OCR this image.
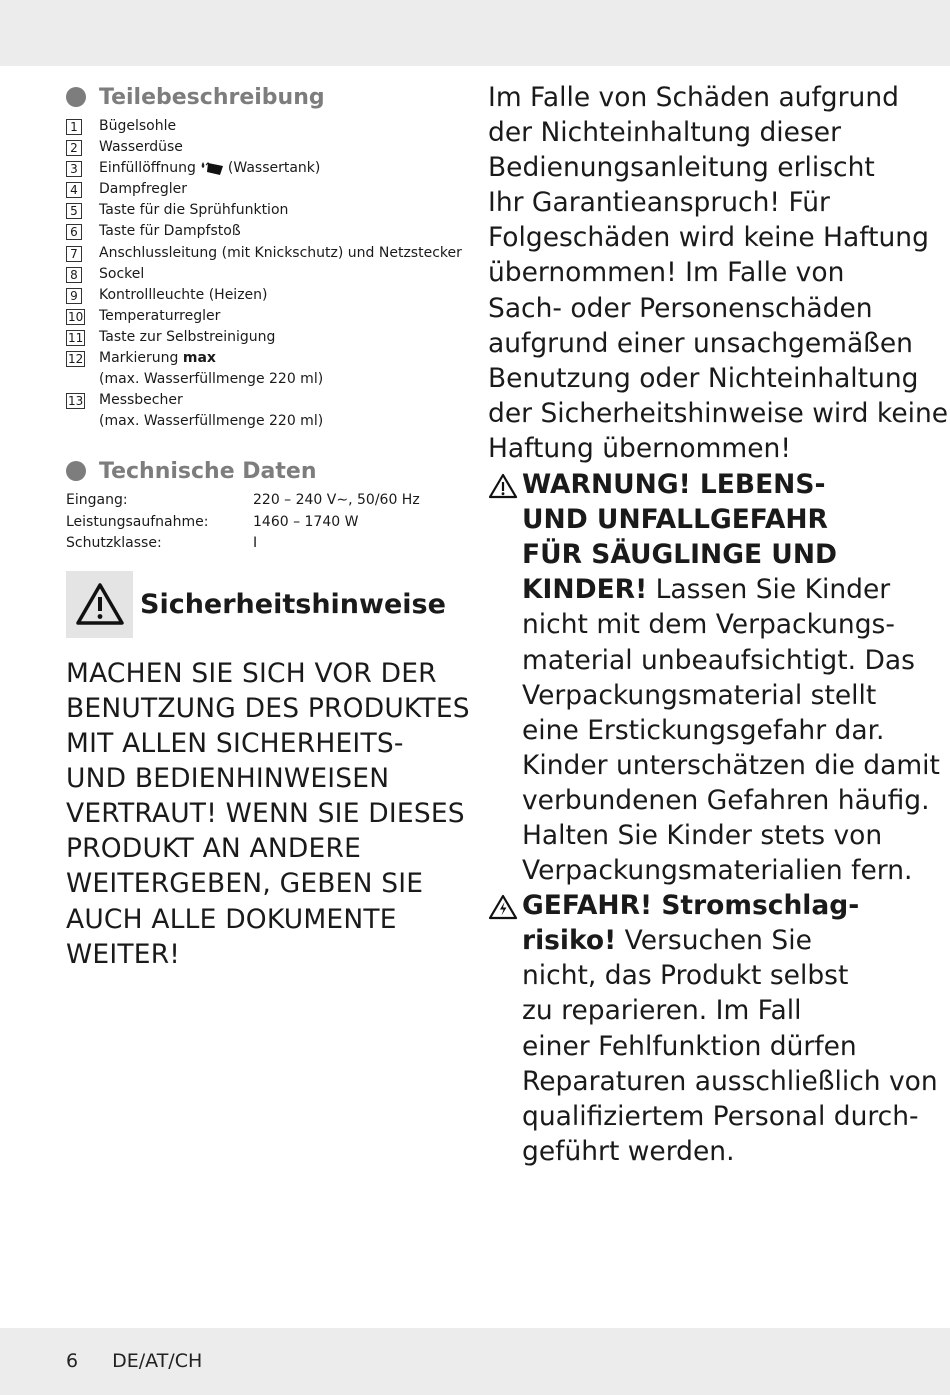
Teilebeschreibung
1	Bügelsohle
2	Wasserdüse
3	Einfüllöffnung (Wassertank)
4	Dampfregler
5	Taste für die Sprühfunktion
6	Taste für Dampfstoß
7	Anschlussleitung (mit Knickschutz) und Netzstecker
8	Sockel
9	Kontrollleuchte (Heizen)
10	Temperaturregler
11	Taste zur Selbstreinigung
12	Markierung max
(max. Wasserfüllmenge 220 ml)
13	Messbecher
(max. Wasserfüllmenge 220 ml)
Technische Daten
Eingang:	220 – 240 V∼, 50/60 Hz
Leistungsaufnahme:	1460 – 1740 W
Schutzklasse:	I
Sicherheitshinweise
MACHEN SIE SICH VOR DER
BENUTZUNG DES PRODUKTES
MIT ALLEN SICHERHEITS-
UND BEDIENHINWEISEN
VERTRAUT! WENN SIE DIESES
PRODUKT AN ANDERE
WEITERGEBEN, GEBEN SIE
AUCH ALLE DOKUMENTE
WEITER!
Im Falle von Schäden aufgrund
der Nichteinhaltung dieser
Bedienungsanleitung erlischt
Ihr Garantieanspruch! Für
Folgeschäden wird keine Haftung
übernommen! Im Falle von
Sach- oder Personenschäden
aufgrund einer unsachgemäßen
Benutzung oder Nichteinhaltung
der Sicherheitshinweise wird keine
Haftung übernommen!
WARNUNG! LEBENS-
UND UNFALLGEFAHR
FÜR SÄUGLINGE UND
KINDER! Lassen Sie Kinder
nicht mit dem Verpackungs-
material unbeaufsichtigt. Das
Verpackungsmaterial stellt
eine Erstickungsgefahr dar.
Kinder unterschätzen die damit
verbundenen Gefahren häufig.
Halten Sie Kinder stets von
Verpackungsmaterialien fern.
GEFAHR! Stromschlag-
risiko! Versuchen Sie
nicht, das Produkt selbst
zu reparieren. Im Fall
einer Fehlfunktion dürfen
Reparaturen ausschließlich von
qualifiziertem Personal durch-
geführt werden.
6 DE/AT/CH
